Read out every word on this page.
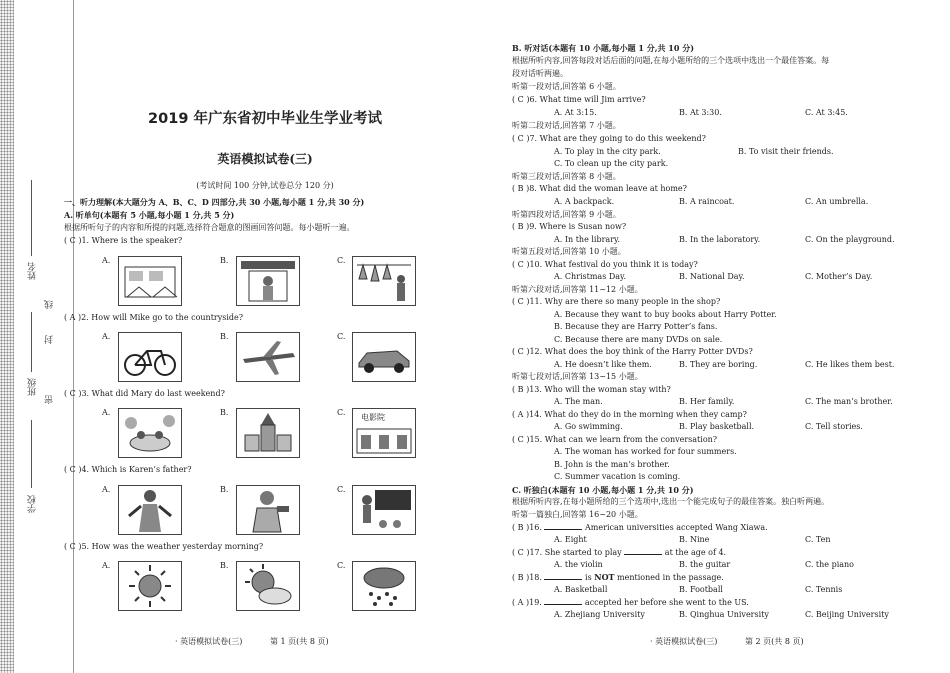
学校
班级
姓名
线
封
密
2019 年广东省初中毕业生学业考试
英语模拟试卷(三)
(考试时间 100 分钟,试卷总分 120 分)
一、听力理解(本大题分为 A、B、C、D 四部分,共 30 小题,每小题 1 分,共 30 分)
A. 听单句(本题有 5 小题,每小题 1 分,共 5 分)
根据所听句子的内容和所提的问题,选择符合题意的图画回答问题。每小题听一遍。
( C )1. Where is the speaker?
A.	B.	C.
( A )2. How will Mike go to the countryside?
A.	B.	C.
( C )3. What did Mary do last weekend?
A.	B.	C.
电影院
( C )4. Which is Karen’s father?
A.	B.	C.
( C )5. How was the weather yesterday morning?
A.	B.	C.
· 英语模拟试卷(三)	第 1 页(共 8 页)
B. 听对话(本题有 10 小题,每小题 1 分,共 10 分)
根据所听内容,回答每段对话后面的问题,在每小题所给的三个选项中选出一个最佳答案。每
段对话听两遍。
听第一段对话,回答第 6 小题。
( C )6. What time will Jim arrive?
A. At 3:15.	B. At 3:30.	C. At 3:45.
听第二段对话,回答第 7 小题。
( C )7. What are they going to do this weekend?
A. To play in the city park.	B. To visit their friends.
C. To clean up the city park.
听第三段对话,回答第 8 小题。
( B )8. What did the woman leave at home?
A. A backpack.	B. A raincoat.	C. An umbrella.
听第四段对话,回答第 9 小题。
( B )9. Where is Susan now?
A. In the library.	B. In the laboratory.	C. On the playground.
听第五段对话,回答第 10 小题。
( C )10. What festival do you think it is today?
A. Christmas Day.	B. National Day.	C. Mother’s Day.
听第六段对话,回答第 11~12 小题。
( C )11. Why are there so many people in the shop?
A. Because they want to buy books about Harry Potter.
B. Because they are Harry Potter’s fans.
C. Because there are many DVDs on sale.
( C )12. What does the boy think of the Harry Potter DVDs?
A. He doesn’t like them.	B. They are boring.	C. He likes them best.
听第七段对话,回答第 13~15 小题。
( B )13. Who will the woman stay with?
A. The man.	B. Her family.	C. The man’s brother.
( A )14. What do they do in the morning when they camp?
A. Go swimming.	B. Play basketball.	C. Tell stories.
( C )15. What can we learn from the conversation?
A. The woman has worked for four summers.
B. John is the man’s brother.
C. Summer vacation is coming.
C. 听独白(本题有 10 小题,每小题 1 分,共 10 分)
根据所听内容,在每小题所给的三个选项中,选出一个能完成句子的最佳答案。独白听两遍。
听第一篇独白,回答第 16~20 小题。
( B )16.	American universities accepted Wang Xiawa.
A. Eight	B. Nine	C. Ten
( C )17. She started to play	at the age of 4.
A. the violin	B. the guitar	C. the piano
( B )18.	is NOT mentioned in the passage.
A. Basketball	B. Football	C. Tennis
( A )19.	accepted her before she went to the US.
A. Zhejiang University	B. Qinghua University	C. Beijing University
· 英语模拟试卷(三)	第 2 页(共 8 页)
